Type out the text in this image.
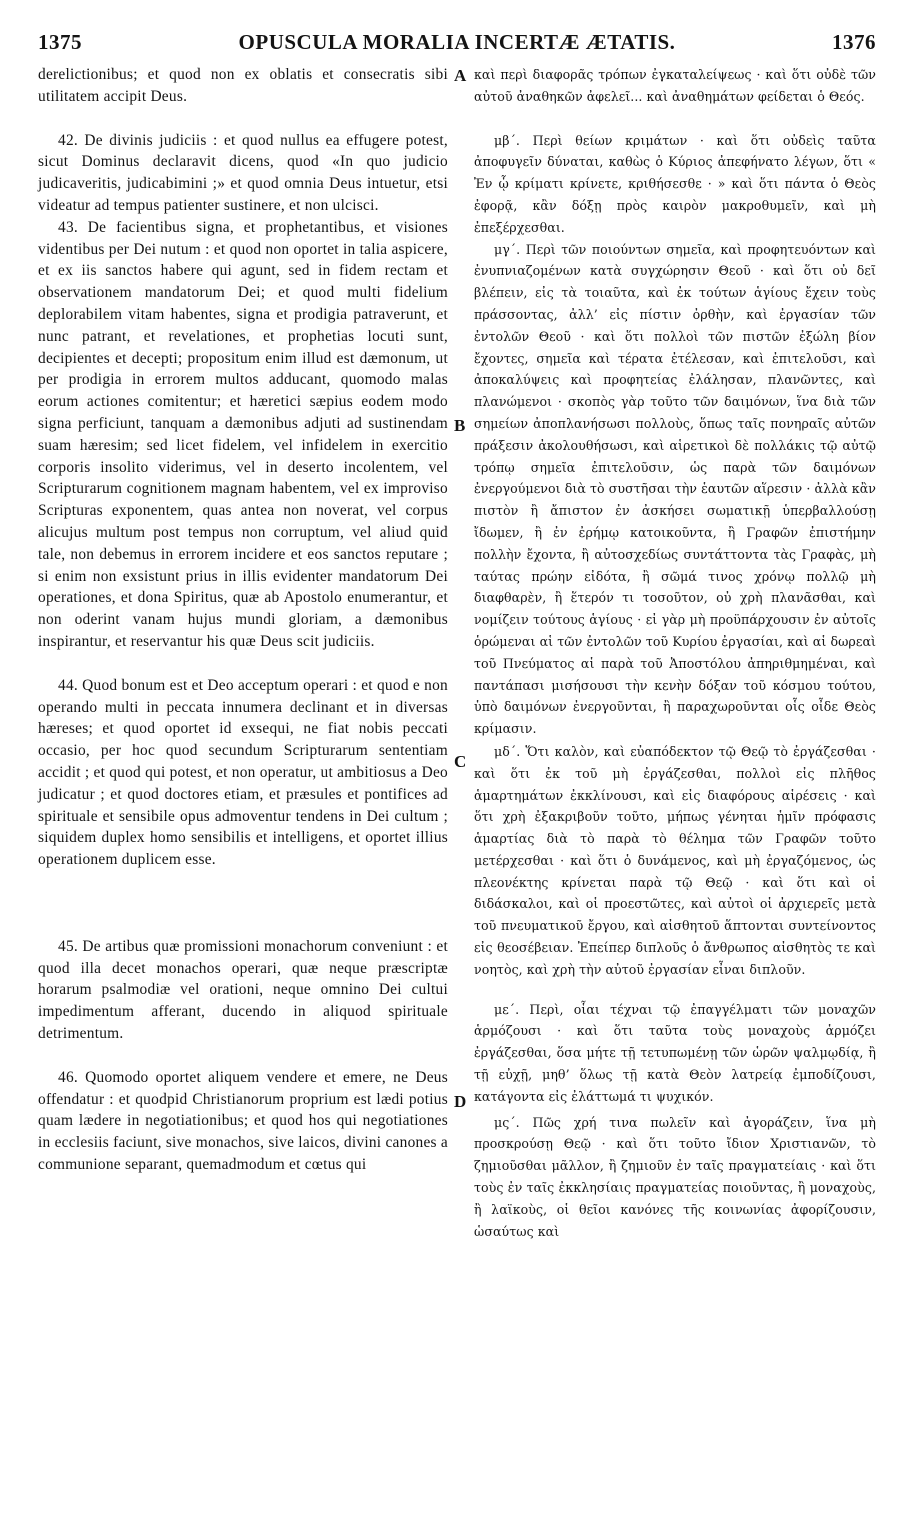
1375	OPUSCULA MORALIA INCERTÆ ÆTATIS.	1376

derelictionibus; et quod non ex oblatis et consecratis sibi utilitatem accipit Deus.

42. De divinis judiciis : et quod nullus ea effugere potest, sicut Dominus declaravit dicens, quod «In quo judicio judicaveritis, judicabimini ;» et quod omnia Deus intuetur, etsi videatur ad tempus patienter sustinere, et non ulcisci.

43. De facientibus signa, et prophetantibus, et visiones videntibus per Dei nutum : et quod non oportet in talia aspicere, et ex iis sanctos habere qui agunt, sed in fidem rectam et observationem mandatorum Dei; et quod multi fidelium deplorabilem vitam habentes, signa et prodigia patraverunt, et nunc patrant, et revelationes, et prophetias locuti sunt, decipientes et decepti; propositum enim illud est dæmonum, ut per prodigia in errorem multos adducant, quomodo malas eorum actiones comitentur; et hæretici sæpius eodem modo signa perficiunt, tanquam a dæmonibus adjuti ad sustinendam suam hæresim; sed licet fidelem, vel infidelem in exercitio corporis insolito viderimus, vel in deserto incolentem, vel Scripturarum cognitionem magnam habentem, vel ex improviso Scripturas exponentem, quas antea non noverat, vel corpus alicujus multum post tempus non corruptum, vel aliud quid tale, non debemus in errorem incidere et eos sanctos reputare ; si enim non exsistunt prius in illis evidenter mandatorum Dei operationes, et dona Spiritus, quæ ab Apostolo enumerantur, et non oderint vanam hujus mundi gloriam, a dæmonibus inspirantur, et reservantur his quæ Deus scit judiciis.

44. Quod bonum est et Deo acceptum operari : et quod e non operando multi in peccata innumera declinant et in diversas hæreses; et quod oportet id exsequi, ne fiat nobis peccati occasio, per hoc quod secundum Scripturarum sententiam accidit ; et quod qui potest, et non operatur, ut ambitiosus a Deo judicatur ; et quod doctores etiam, et præsules et pontifices ad spirituale et sensibile opus admoventur tendens in Dei cultum ; siquidem duplex homo sensibilis et intelligens, et oportet illius operationem duplicem esse.

45. De artibus quæ promissioni monachorum conveniunt : et quod illa decet monachos operari, quæ neque præscriptæ horarum psalmodiæ vel orationi, neque omnino Dei cultui impedimentum afferant, ducendo in aliquod spirituale detrimentum.

46. Quomodo oportet aliquem vendere et emere, ne Deus offendatur : et quodpid Christianorum proprium est lædi potius quam lædere in negotiationibus; et quod hos qui negotiationes in ecclesiis faciunt, sive monachos, sive laicos, divini canones a communione separant, quemadmodum et cœtus qui

A
B
C
D

καὶ περὶ διαφορᾶς τρόπων ἐγκαταλείψεως · καὶ ὅτι οὐδὲ τῶν αὐτοῦ ἀναθηκῶν ἀφελεῖ... καὶ ἀναθημάτων φείδεται ὁ Θεός.

μβ΄. Περὶ θείων κριμάτων · καὶ ὅτι οὐδεὶς ταῦτα ἀποφυγεῖν δύναται, καθὼς ὁ Κύριος ἀπεφήνατο λέγων, ὅτι « Ἐν ᾧ κρίματι κρίνετε, κριθήσεσθε · » καὶ ὅτι πάντα ὁ Θεὸς ἐφορᾷ, κἂν δόξῃ πρὸς καιρὸν μακροθυμεῖν, καὶ μὴ ἐπεξέρχεσθαι.

μγ΄. Περὶ τῶν ποιούντων σημεῖα, καὶ προφητευόντων καὶ ἐνυπνιαζομένων κατὰ συγχώρησιν Θεοῦ · καὶ ὅτι οὐ δεῖ βλέπειν, εἰς τὰ τοιαῦτα, καὶ ἐκ τούτων ἁγίους ἔχειν τοὺς πράσσοντας, ἀλλ’ εἰς πίστιν ὀρθὴν, καὶ ἐργασίαν τῶν ἐντολῶν Θεοῦ · καὶ ὅτι πολλοὶ τῶν πιστῶν ἐξώλη βίον ἔχοντες, σημεῖα καὶ τέρατα ἐτέλεσαν, καὶ ἐπιτελοῦσι, καὶ ἀποκαλύψεις καὶ προφητείας ἐλάλησαν, πλανῶντες, καὶ πλανώμενοι · σκοπὸς γὰρ τοῦτο τῶν δαιμόνων, ἵνα διὰ τῶν σημείων ἀποπλανήσωσι πολλοὺς, ὅπως ταῖς πονηραῖς αὐτῶν πράξεσιν ἀκολουθήσωσι, καὶ αἱρετικοὶ δὲ πολλάκις τῷ αὐτῷ τρόπῳ σημεῖα ἐπιτελοῦσιν, ὡς παρὰ τῶν δαιμόνων ἐνεργούμενοι διὰ τὸ συστῆσαι τὴν ἑαυτῶν αἵρεσιν · ἀλλὰ κἂν πιστὸν ἢ ἄπιστον ἐν ἀσκήσει σωματικῇ ὑπερβαλλούσῃ ἴδωμεν, ἢ ἐν ἐρήμῳ κατοικοῦντα, ἢ Γραφῶν ἐπιστήμην πολλὴν ἔχοντα, ἢ αὐτοσχεδίως συντάττοντα τὰς Γραφὰς, μὴ ταύτας πρώην εἰδότα, ἢ σῶμά τινος χρόνῳ πολλῷ μὴ διαφθαρὲν, ἢ ἕτερόν τι τοσοῦτον, οὐ χρὴ πλανᾶσθαι, καὶ νομίζειν τούτους ἁγίους · εἰ γὰρ μὴ προϋπάρχουσιν ἐν αὐτοῖς ὁρώμεναι αἱ τῶν ἐντολῶν τοῦ Κυρίου ἐργασίαι, καὶ αἱ δωρεαὶ τοῦ Πνεύματος αἱ παρὰ τοῦ Ἀποστόλου ἀπηριθμημέναι, καὶ παντάπασι μισήσουσι τὴν κενὴν δόξαν τοῦ κόσμου τούτου, ὑπὸ δαιμόνων ἐνεργοῦνται, ἢ παραχωροῦνται οἷς οἶδε Θεὸς κρίμασιν.

μδ΄. Ὅτι καλὸν, καὶ εὐαπόδεκτον τῷ Θεῷ τὸ ἐργάζεσθαι · καὶ ὅτι ἐκ τοῦ μὴ ἐργάζεσθαι, πολλοὶ εἰς πλῆθος ἁμαρτημάτων ἐκκλίνουσι, καὶ εἰς διαφόρους αἱρέσεις · καὶ ὅτι χρὴ ἐξακριβοῦν τοῦτο, μήπως γένηται ἡμῖν πρόφασις ἁμαρτίας διὰ τὸ παρὰ τὸ θέλημα τῶν Γραφῶν τοῦτο μετέρχεσθαι · καὶ ὅτι ὁ δυνάμενος, καὶ μὴ ἐργαζόμενος, ὡς πλεονέκτης κρίνεται παρὰ τῷ Θεῷ · καὶ ὅτι καὶ οἱ διδάσκαλοι, καὶ οἱ προεστῶτες, καὶ αὐτοὶ οἱ ἀρχιερεῖς μετὰ τοῦ πνευματικοῦ ἔργου, καὶ αἰσθητοῦ ἅπτονται συντείνοντος εἰς θεοσέβειαν. Ἐπείπερ διπλοῦς ὁ ἄνθρωπος αἰσθητὸς τε καὶ νοητὸς, καὶ χρὴ τὴν αὐτοῦ ἐργασίαν εἶναι διπλοῦν.

με΄. Περὶ, οἷαι τέχναι τῷ ἐπαγγέλματι τῶν μοναχῶν ἁρμόζουσι · καὶ ὅτι ταῦτα τοὺς μοναχοὺς ἁρμόζει ἐργάζεσθαι, ὅσα μήτε τῇ τετυπωμένῃ τῶν ὡρῶν ψαλμῳδίᾳ, ἢ τῇ εὐχῇ, μηθ’ ὅλως τῇ κατὰ Θεὸν λατρείᾳ ἐμποδίζουσι, κατάγοντα εἰς ἐλάττωμά τι ψυχικόν.

μς΄. Πῶς χρή τινα πωλεῖν καὶ ἀγοράζειν, ἵνα μὴ προσκρούσῃ Θεῷ · καὶ ὅτι τοῦτο ἴδιον Χριστιανῶν, τὸ ζημιοῦσθαι μᾶλλον, ἢ ζημιοῦν ἐν ταῖς πραγματείαις · καὶ ὅτι τοὺς ἐν ταῖς ἐκκλησίαις πραγματείας ποιοῦντας, ἢ μοναχοὺς, ἢ λαϊκοὺς, οἱ θεῖοι κανόνες τῆς κοινωνίας ἀφορίζουσιν, ὡσαύτως καὶ
